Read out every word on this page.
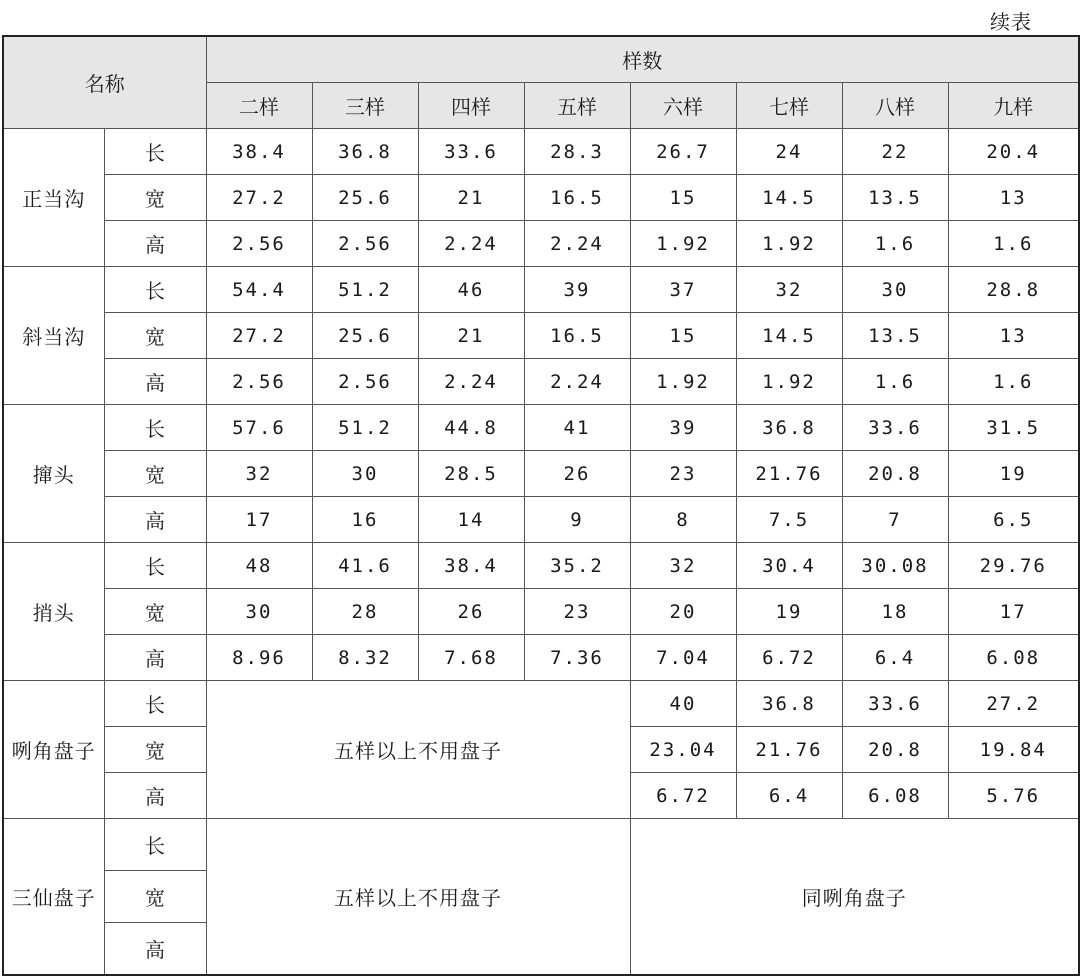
续表
名称		样数							
		二样	三样	四样	五样	六样	七样	八样	九样
正当沟	长	38.4	36.8	33.6	28.3	26.7	24	22	20.4
	宽	27.2	25.6	21	16.5	15	14.5	13.5	13
	高	2.56	2.56	2.24	2.24	1.92	1.92	1.6	1.6
斜当沟	长	54.4	51.2	46	39	37	32	30	28.8
	宽	27.2	25.6	21	16.5	15	14.5	13.5	13
	高	2.56	2.56	2.24	2.24	1.92	1.92	1.6	1.6
撺头	长	57.6	51.2	44.8	41	39	36.8	33.6	31.5
	宽	32	30	28.5	26	23	21.76	20.8	19
	高	17	16	14	9	8	7.5	7	6.5
捎头	长	48	41.6	38.4	35.2	32	30.4	30.08	29.76
	宽	30	28	26	23	20	19	18	17
	高	8.96	8.32	7.68	7.36	7.04	6.72	6.4	6.08
咧角盘子	长	五样以上不用盘子				40	36.8	33.6	27.2
	宽					23.04	21.76	20.8	19.84
	高					6.72	6.4	6.08	5.76
三仙盘子	长	五样以上不用盘子				同咧角盘子			
	宽								
	高								
